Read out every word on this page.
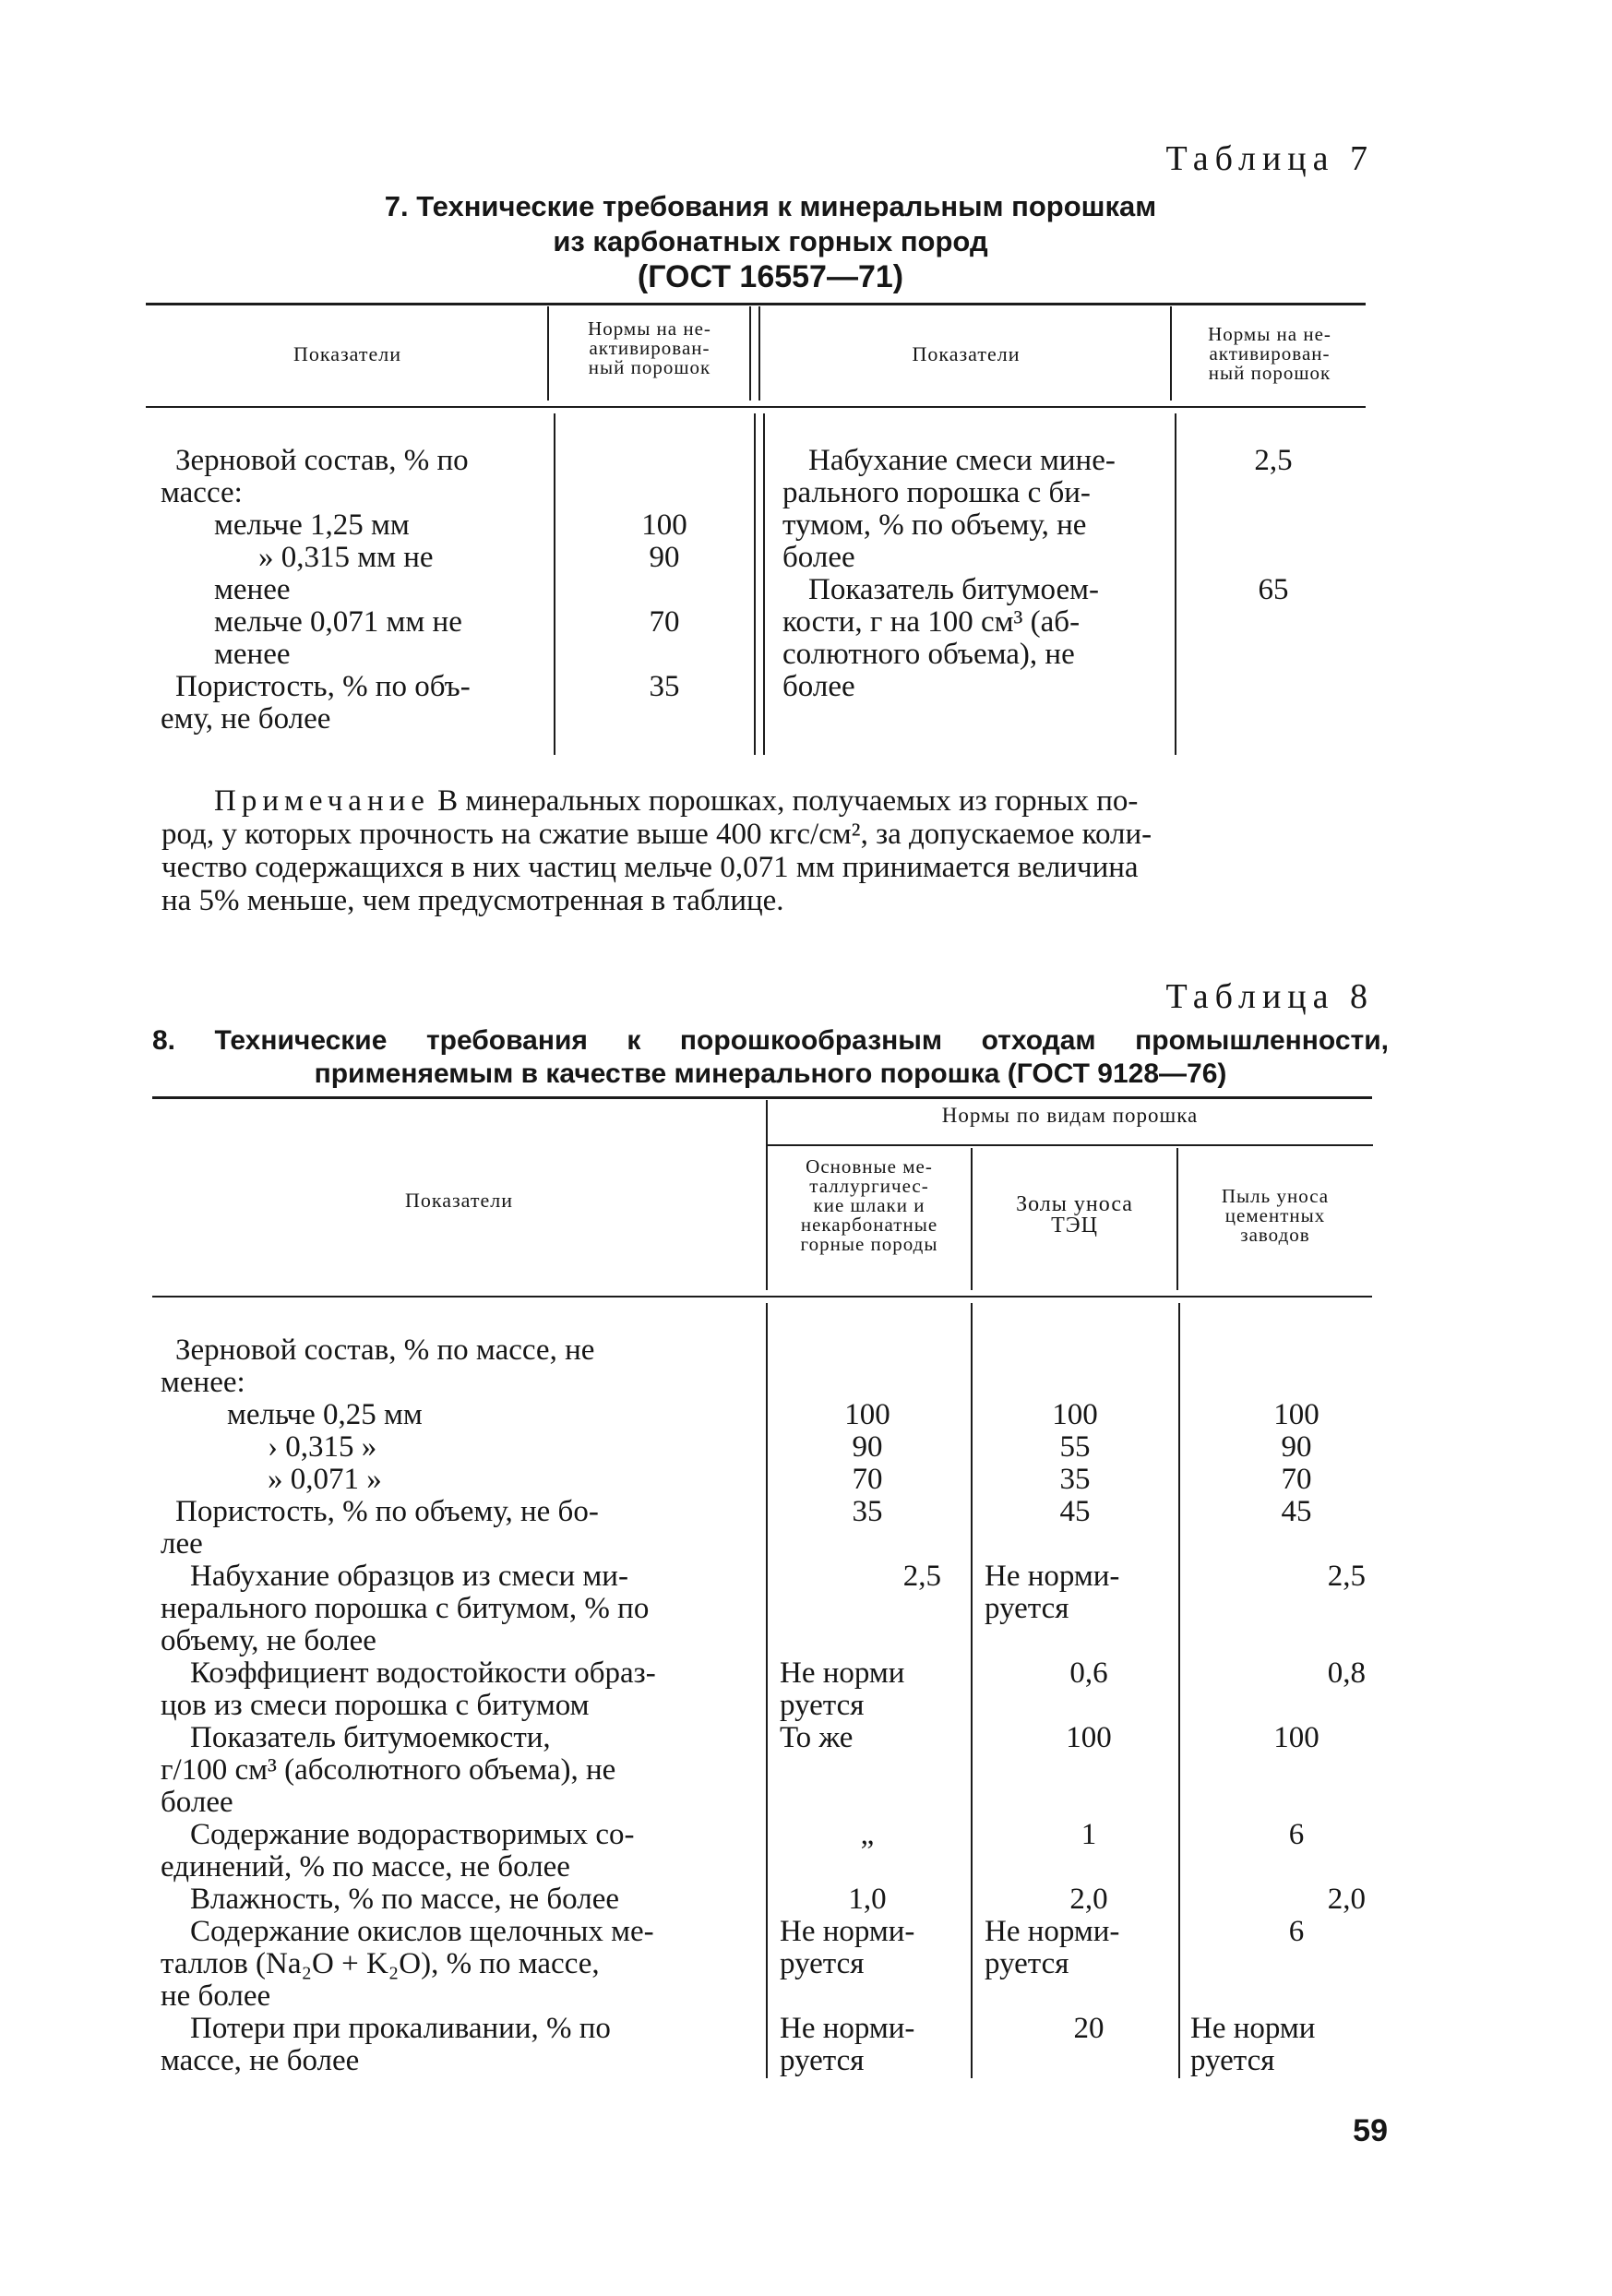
Таблица 7
7. Технические требования к минеральным порошкам
из карбонатных горных пород
(ГОСТ 16557—71)
Показатели
Нормы на не-
активирован-
ный порошок
Показатели
Нормы на не-
активирован-
ный порошок
Зерновой состав, % по
массе:
мельче 1,25 мм
» 0,315 мм не
менее
мельче 0,071 мм не
менее
Пористость, % по объ-
ему, не более
100
90
70
35
Набухание смеси мине-
рального порошка с би-
тумом, % по объему, не
более
Показатель битумоем-
кости, г на 100 см³ (аб-
солютного объема), не
более
2,5
65
Примечание В минеральных порошках, получаемых из горных по-
род, у которых прочность на сжатие выше 400 кгс/см², за допускаемое коли-
чество содержащихся в них частиц мельче 0,071 мм принимается величина
на 5% меньше, чем предусмотренная в таблице.
Таблица 8
8. Технические требования к порошкообразным отходам промышленности,
применяемым в качестве минерального порошка (ГОСТ 9128—76)
Нормы по видам порошка
Показатели
Основные ме-
таллургичес-
кие шлаки и
некарбонатные
горные породы
Золы уноса
ТЭЦ
Пыль уноса
цементных
заводов
Зерновой состав, % по массе, не
менее:
мельче 0,25 мм
› 0,315 »
» 0,071 »
Пористость, % по объему, не бо-
лее
Набухание образцов из смеси ми-
нерального порошка с битумом, % по
объему, не более
Коэффициент водостойкости образ-
цов из смеси порошка с битумом
Показатель битумоемкости,
г/100 см³ (абсолютного объема), не
более
Содержание водорастворимых со-
единений, % по массе, не более
Влажность, % по массе, не более
Содержание окислов щелочных ме-
таллов (Na₂O + K₂O), % по массе,
не более
Потери при прокаливании, % по
массе, не более
100
90
70
35
2,5
Не норми
руется
То же
„
1,0
Не норми-
руется
Не норми-
руется
100
55
35
45
Не норми-
руется
0,6
100
1
2,0
Не норми-
руется
20
100
90
70
45
2,5
0,8
100
6
2,0
6
Не норми
руется
59
